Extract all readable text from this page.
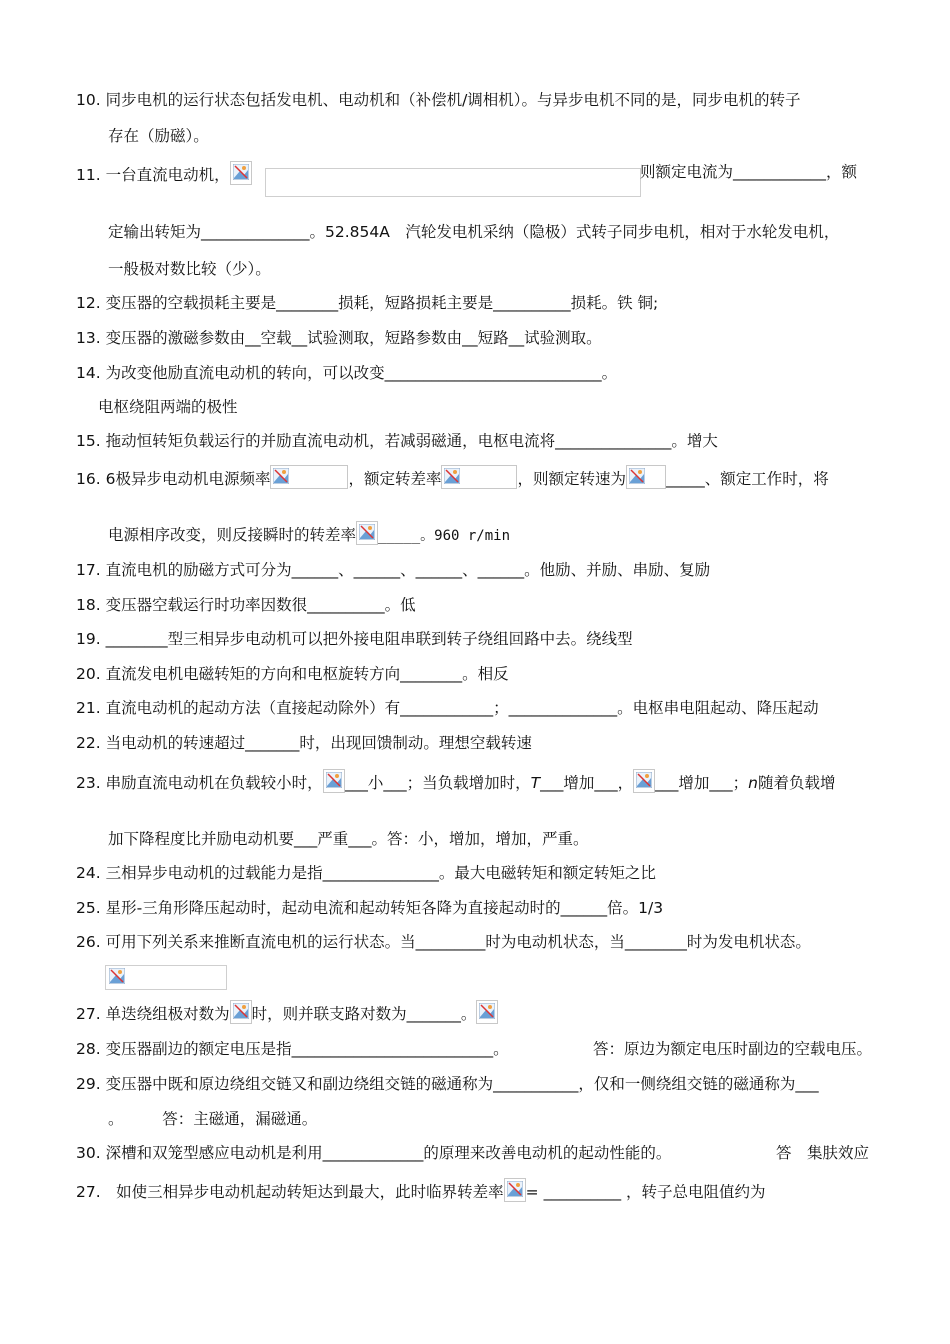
10. 同步电机的运行状态包括发电机、电动机和（补偿机/调相机）。与异步电机不同的是，同步电机的转子
存在（励磁）。
11. 一台直流电动机，	则额定电流为____________，额
定输出转矩为______________。52.854A　汽轮发电机采纳（隐极）式转子同步电机，相对于水轮发电机，
一般极对数比较（少）。
12. 变压器的空载损耗主要是________损耗，短路损耗主要是__________损耗。铁 铜;
13. 变压器的激磁参数由__空载__试验测取，短路参数由__短路__试验测取。
14. 为改变他励直流电动机的转向，可以改变____________________________。
电枢绕阻两端的极性
15. 拖动恒转矩负载运行的并励直流电动机，若减弱磁通，电枢电流将_______________。增大
16. 6极异步电动机电源频率	，额定转差率	，则额定转速为	_____、额定工作时，将
电源相序改变，则反接瞬时的转差率 _____。960 r/min
17. 直流电机的励磁方式可分为______、______、______、______。他励、并励、串励、复励
18. 变压器空载运行时功率因数很__________。低
19. ________型三相异步电动机可以把外接电阻串联到转子绕组回路中去。绕线型
20. 直流发电机电磁转矩的方向和电枢旋转方向________。相反
21. 直流电动机的起动方法（直接起动除外）有____________；______________。电枢串电阻起动、降压起动
22. 当电动机的转速超过_______时，出现回馈制动。理想空载转速
23. 串励直流电动机在负载较小时， ___小___；当负载增加时，T___增加___， ___增加___；n随着负载增
加下降程度比并励电动机要___严重___。答：小，增加，增加，严重。
24. 三相异步电动机的过载能力是指_______________。最大电磁转矩和额定转矩之比
25. 星形-三角形降压起动时，起动电流和起动转矩各降为直接起动时的______倍。1/3
26. 可用下列关系来推断直流电机的运行状态。当_________时为电动机状态，当________时为发电机状态。
27. 单迭绕组极对数为 时，则并联支路对数为_______。
28. 变压器副边的额定电压是指__________________________。	答：原边为额定电压时副边的空载电压。
29. 变压器中既和原边绕组交链又和副边绕组交链的磁通称为___________，仅和一侧绕组交链的磁通称为___
。　　　答：主磁通，漏磁通。
30. 深槽和双笼型感应电动机是利用_____________的原理来改善电动机的起动性能的。	答　集肤效应
27.　如使三相异步电动机起动转矩达到最大，此时临界转差率 = __________ ，转子总电阻值约为
